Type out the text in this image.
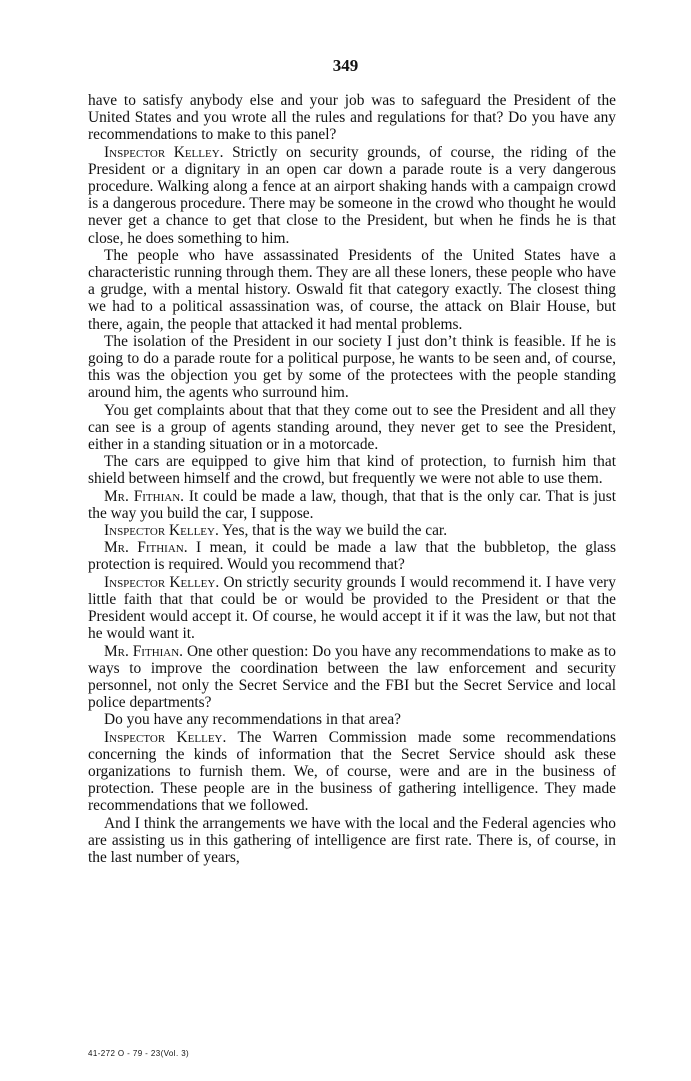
349

have to satisfy anybody else and your job was to safeguard the President of the United States and you wrote all the rules and regulations for that? Do you have any recommendations to make to this panel?

Inspector Kelley. Strictly on security grounds, of course, the riding of the President or a dignitary in an open car down a parade route is a very dangerous procedure. Walking along a fence at an airport shaking hands with a campaign crowd is a dangerous procedure. There may be someone in the crowd who thought he would never get a chance to get that close to the President, but when he finds he is that close, he does something to him.

The people who have assassinated Presidents of the United States have a characteristic running through them. They are all these loners, these people who have a grudge, with a mental history. Oswald fit that category exactly. The closest thing we had to a political assassination was, of course, the attack on Blair House, but there, again, the people that attacked it had mental problems.

The isolation of the President in our society I just don’t think is feasible. If he is going to do a parade route for a political purpose, he wants to be seen and, of course, this was the objection you get by some of the protectees with the people standing around him, the agents who surround him.

You get complaints about that that they come out to see the President and all they can see is a group of agents standing around, they never get to see the President, either in a standing situation or in a motorcade.

The cars are equipped to give him that kind of protection, to furnish him that shield between himself and the crowd, but frequently we were not able to use them.

Mr. Fithian. It could be made a law, though, that that is the only car. That is just the way you build the car, I suppose.

Inspector Kelley. Yes, that is the way we build the car.

Mr. Fithian. I mean, it could be made a law that the bubbletop, the glass protection is required. Would you recommend that?

Inspector Kelley. On strictly security grounds I would recommend it. I have very little faith that that could be or would be provided to the President or that the President would accept it. Of course, he would accept it if it was the law, but not that he would want it.

Mr. Fithian. One other question: Do you have any recommendations to make as to ways to improve the coordination between the law enforcement and security personnel, not only the Secret Service and the FBI but the Secret Service and local police departments?

Do you have any recommendations in that area?

Inspector Kelley. The Warren Commission made some recommendations concerning the kinds of information that the Secret Service should ask these organizations to furnish them. We, of course, were and are in the business of protection. These people are in the business of gathering intelligence. They made recommendations that we followed.

And I think the arrangements we have with the local and the Federal agencies who are assisting us in this gathering of intelligence are first rate. There is, of course, in the last number of years,

41-272 O - 79 - 23(Vol. 3)
